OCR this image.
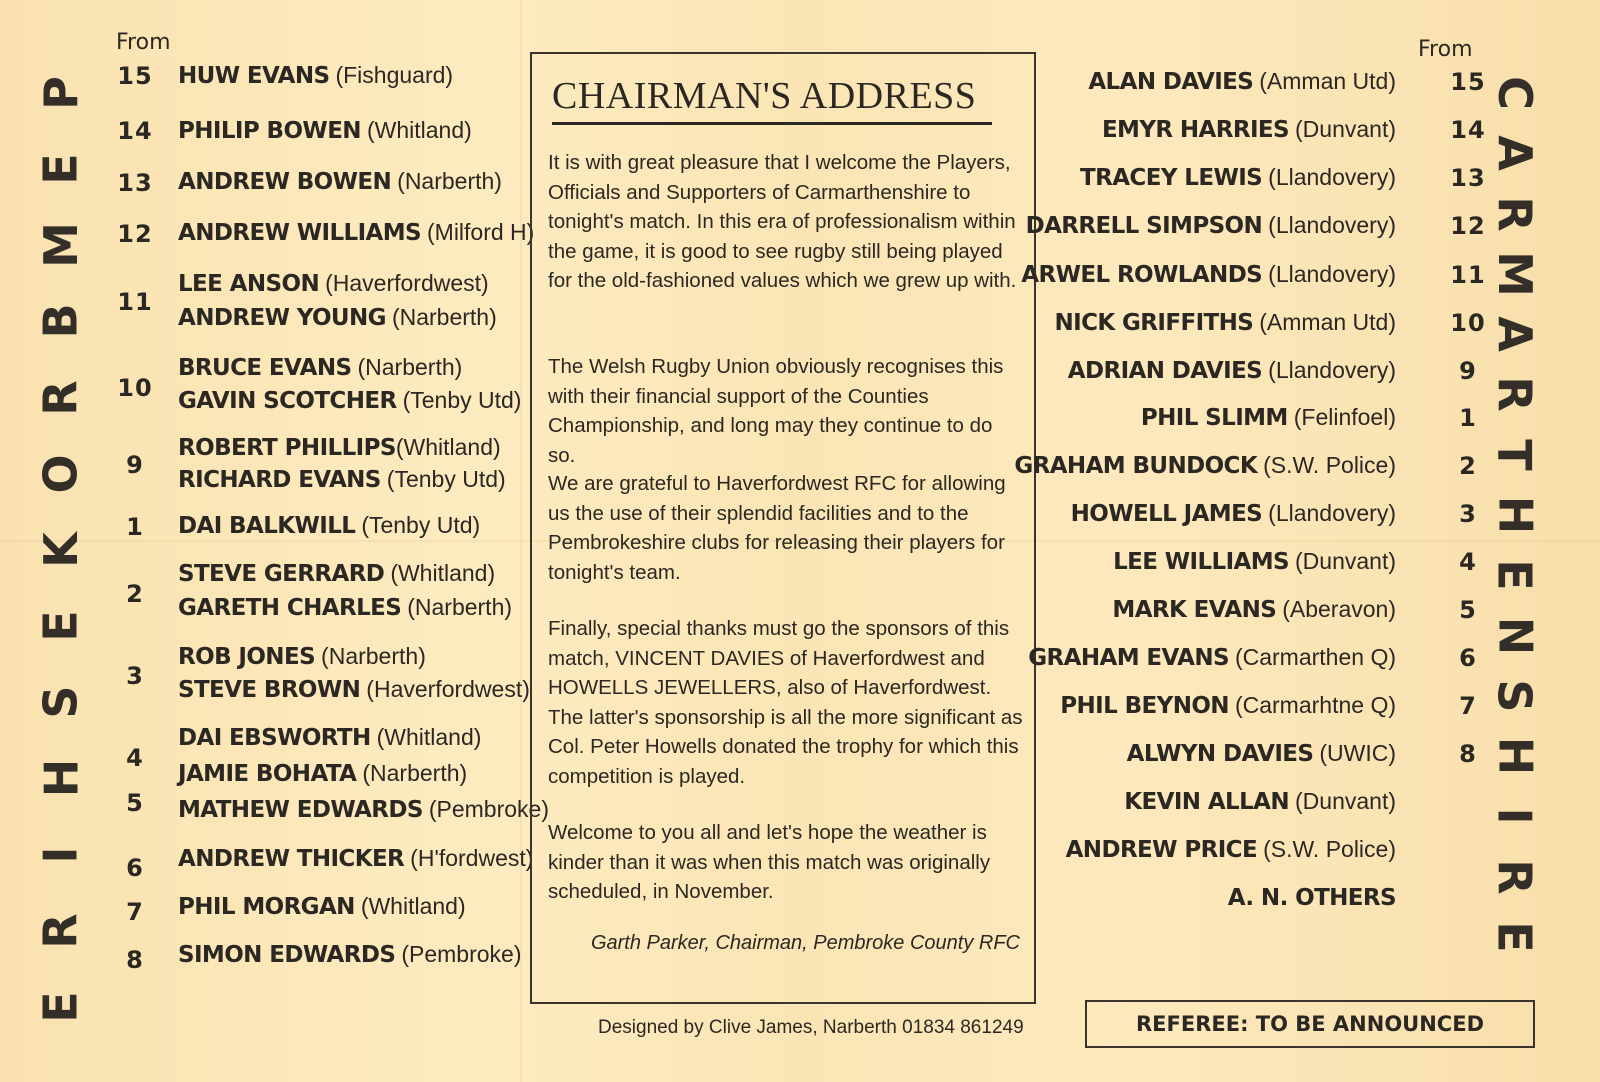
P
E
M
B
R
O
K
E
S
H
I
R
E
From
HUW EVANS (Fishguard)
PHILIP BOWEN (Whitland)
ANDREW BOWEN (Narberth)
ANDREW WILLIAMS (Milford H)
LEE ANSON (Haverfordwest)
ANDREW YOUNG (Narberth)
BRUCE EVANS (Narberth)
GAVIN SCOTCHER (Tenby Utd)
ROBERT PHILLIPS(Whitland)
RICHARD EVANS (Tenby Utd)
DAI BALKWILL (Tenby Utd)
STEVE GERRARD (Whitland)
GARETH CHARLES (Narberth)
ROB JONES (Narberth)
STEVE BROWN (Haverfordwest)
DAI EBSWORTH (Whitland)
JAMIE BOHATA (Narberth)
MATHEW EDWARDS (Pembroke)
ANDREW THICKER (H'fordwest)
PHIL MORGAN (Whitland)
SIMON EDWARDS (Pembroke)
15
14
13
12
11
10
9
1
2
3
4
5
6
7
8
CHAIRMAN'S ADDRESS
It is with great pleasure that I welcome the Players, Officials and Supporters of Carmarthenshire to tonight's match. In this era of professionalism within the game, it is good to see rugby still being played for the old-fashioned values which we grew up with.
The Welsh Rugby Union obviously recognises this with their financial support of the Counties Championship, and long may they continue to do so.
We are grateful to Haverfordwest RFC for allowing us the use of their splendid facilities and to the Pembrokeshire clubs for releasing their players for tonight's team.
Finally, special thanks must go the sponsors of this match, VINCENT DAVIES of Haverfordwest and HOWELLS JEWELLERS, also of Haverfordwest. The latter's sponsorship is all the more significant as Col. Peter Howells donated the trophy for which this competition is played.
Welcome to you all and let's hope the weather is kinder than it was when this match was originally scheduled, in November.
Garth Parker, Chairman, Pembroke County RFC
Designed by Clive James, Narberth 01834 861249
From
C
A
R
M
A
R
T
H
E
N
S
H
I
R
E
ALAN DAVIES (Amman Utd)
EMYR HARRIES (Dunvant)
TRACEY LEWIS (Llandovery)
DARRELL SIMPSON (Llandovery)
ARWEL ROWLANDS (Llandovery)
NICK GRIFFITHS (Amman Utd)
ADRIAN DAVIES (Llandovery)
PHIL SLIMM (Felinfoel)
GRAHAM BUNDOCK (S.W. Police)
HOWELL JAMES (Llandovery)
LEE WILLIAMS (Dunvant)
MARK EVANS (Aberavon)
GRAHAM EVANS (Carmarthen Q)
PHIL BEYNON (Carmarhtne Q)
ALWYN DAVIES (UWIC)
KEVIN ALLAN (Dunvant)
ANDREW PRICE (S.W. Police)
A. N. OTHERS
15
14
13
12
11
10
9
1
2
3
4
5
6
7
8
REFEREE: TO BE ANNOUNCED
